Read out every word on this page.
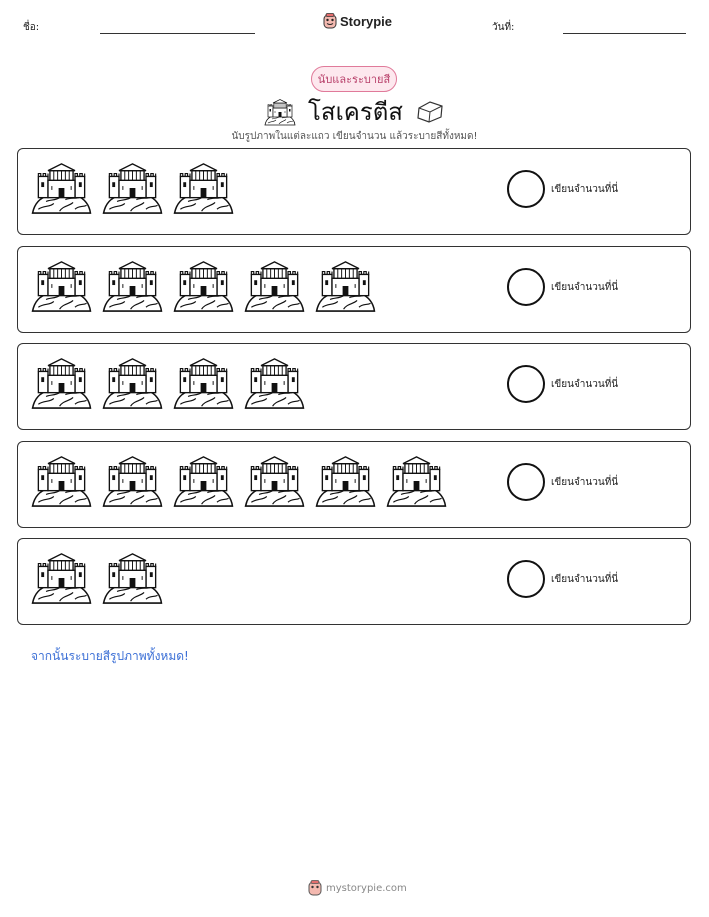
ชื่อ:	Storypie	วันที่:
นับและระบายสี
โสเครตีส
นับรูปภาพในแต่ละแถว เขียนจำนวน แล้วระบายสีทั้งหมด!
เขียนจำนวนที่นี่
เขียนจำนวนที่นี่
เขียนจำนวนที่นี่
เขียนจำนวนที่นี่
เขียนจำนวนที่นี่
จากนั้นระบายสีรูปภาพทั้งหมด!
mystorypie.com
